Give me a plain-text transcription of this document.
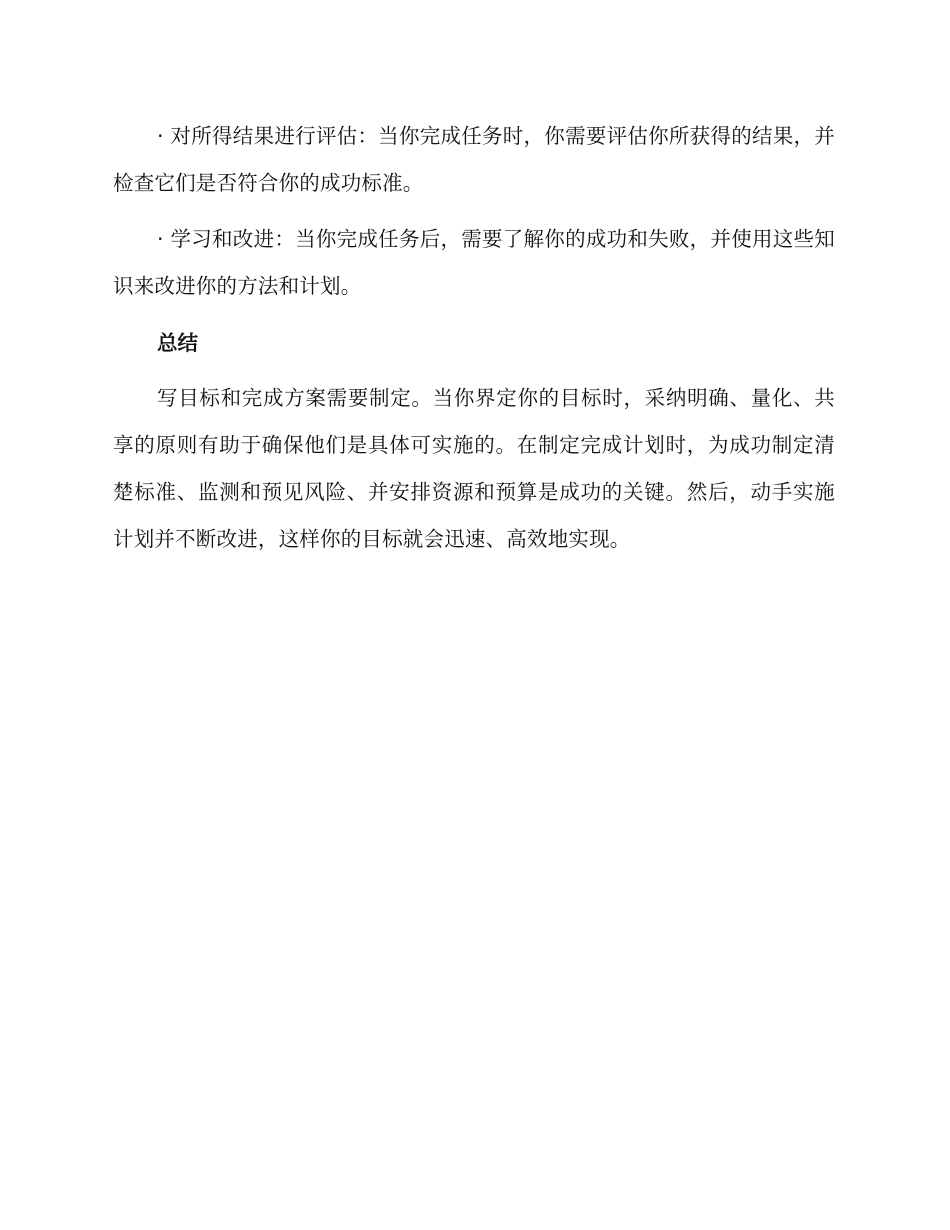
· 对所得结果进行评估：当你完成任务时，你需要评估你所获得的结果，并检查它们是否符合你的成功标准。

· 学习和改进：当你完成任务后，需要了解你的成功和失败，并使用这些知识来改进你的方法和计划。

总结

写目标和完成方案需要制定。当你界定你的目标时，采纳明确、量化、共享的原则有助于确保他们是具体可实施的。在制定完成计划时，为成功制定清楚标准、监测和预见风险、并安排资源和预算是成功的关键。然后，动手实施计划并不断改进，这样你的目标就会迅速、高效地实现。
